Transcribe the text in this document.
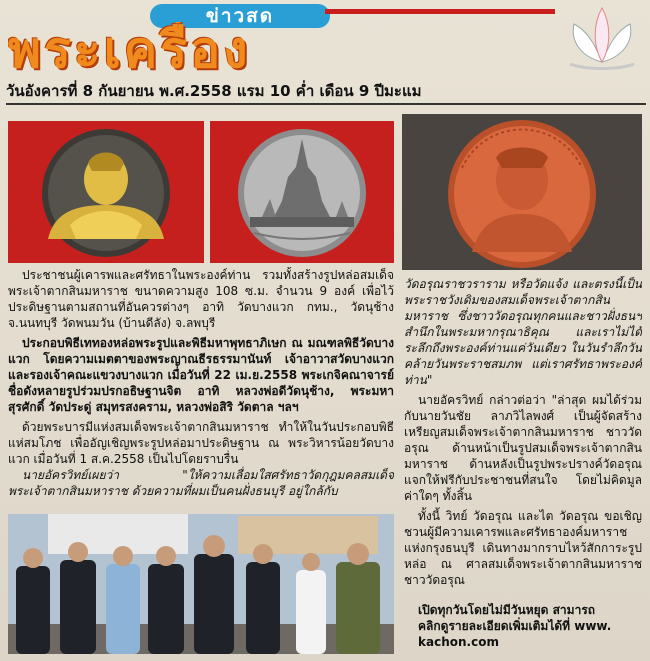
ข่าวสด
พระเครื่อง
วันอังคารที่ 8 กันยายน พ.ศ.2558 แรม 10 ค่ำ เดือน 9 ปีมะแม

ประชาชนผู้เคารพและศรัทธาในพระองค์ท่าน รวมทั้งสร้างรูปหล่อสมเด็จพระเจ้าตากสินมหาราช ขนาดความสูง 108 ซ.ม. จำนวน 9 องค์ เพื่อไว้ประดิษฐานตามสถานที่อันควรต่างๆ อาทิ วัดบางแวก กทม., วัดนุช้าง จ.นนทบุรี วัดพนมวัน (บ้านดีลัง) จ.ลพบุรี

ประกอบพิธีเททองหล่อพระรูปและพิธีมหาพุทธาภิเษก ณ มณฑลพิธีวัดบางแวก โดยความเมตตาของพระญาณธีรธรรมานันท์ เจ้าอาวาสวัดบางแวก และรองเจ้าคณะแขวงบางแวก เมื่อวันที่ 22 เม.ย.2558 พระเกจิคณาจารย์ชื่อดังหลายรูปร่วมปรกอธิษฐานจิต อาทิ หลวงพ่อดีวัดนุช้าง, พระมหาสุรศักดิ์ วัดประดู่ สมุทรสงคราม, หลวงพ่อสิริ วัดตาล ฯลฯ

ด้วยพระบารมีแห่งสมเด็จพระเจ้าตากสินมหาราช ทำให้ในวันประกอบพิธีแห่สมโภช เพื่ออัญเชิญพระรูปหล่อมาประดิษฐาน ณ พระวิหารน้อยวัดบางแวก เมื่อวันที่ 1 ส.ค.2558 เป็นไปโดยราบรื่น

นายอัครวิทย์เผยว่า "ให้ความเลื่อมใสศรัทธาวัดกุฎมคลสมเด็จพระเจ้าตากสินมหาราช ด้วยความที่ผมเป็นคนฝั่งธนบุรี อยู่ใกล้กับ

วัดอรุณราชวราราม หรือวัดแจ้ง และตรงนี้เป็นพระราชวังเดิมของสมเด็จพระเจ้าตากสินมหาราช ซึ่งชาววัดอรุณทุกคนและชาวฝั่งธนฯ สำนึกในพระมหากรุณาธิคุณ และเราไม่ได้ระลึกถึงพระองค์ท่านแค่วันเดียว ในวันรำลึกวันคล้ายวันพระราชสมภพ แต่เราศรัทธาพระองค์ท่าน"

นายอัครวิทย์ กล่าวต่อว่า "ล่าสุด ผมได้ร่วมกับนายวันชัย ลาภวิไลพงศ์ เป็นผู้จัดสร้างเหรียญสมเด็จพระเจ้าตากสินมหาราช ชาววัดอรุณ ด้านหน้าเป็นรูปสมเด็จพระเจ้าตากสินมหาราช ด้านหลังเป็นรูปพระปรางค์วัดอรุณ แจกให้ฟรีกับประชาชนที่สนใจ โดยไม่คิดมูลค่าใดๆ ทั้งสิ้น

ทั้งนี้ วิทย์ วัดอรุณ และไต วัดอรุณ ขอเชิญชวนผู้มีความเคารพและศรัทธาองค์มหาราชแห่งกรุงธนบุรี เดินทางมากราบไหว้สักการะรูปหล่อ ณ ศาลสมเด็จพระเจ้าตากสินมหาราชชาววัดอรุณ

เปิดทุกวันโดยไม่มีวันหยุด สามารถ

คลิกดูรายละเอียดเพิ่มเติมได้ที่ www.

kachon.com
